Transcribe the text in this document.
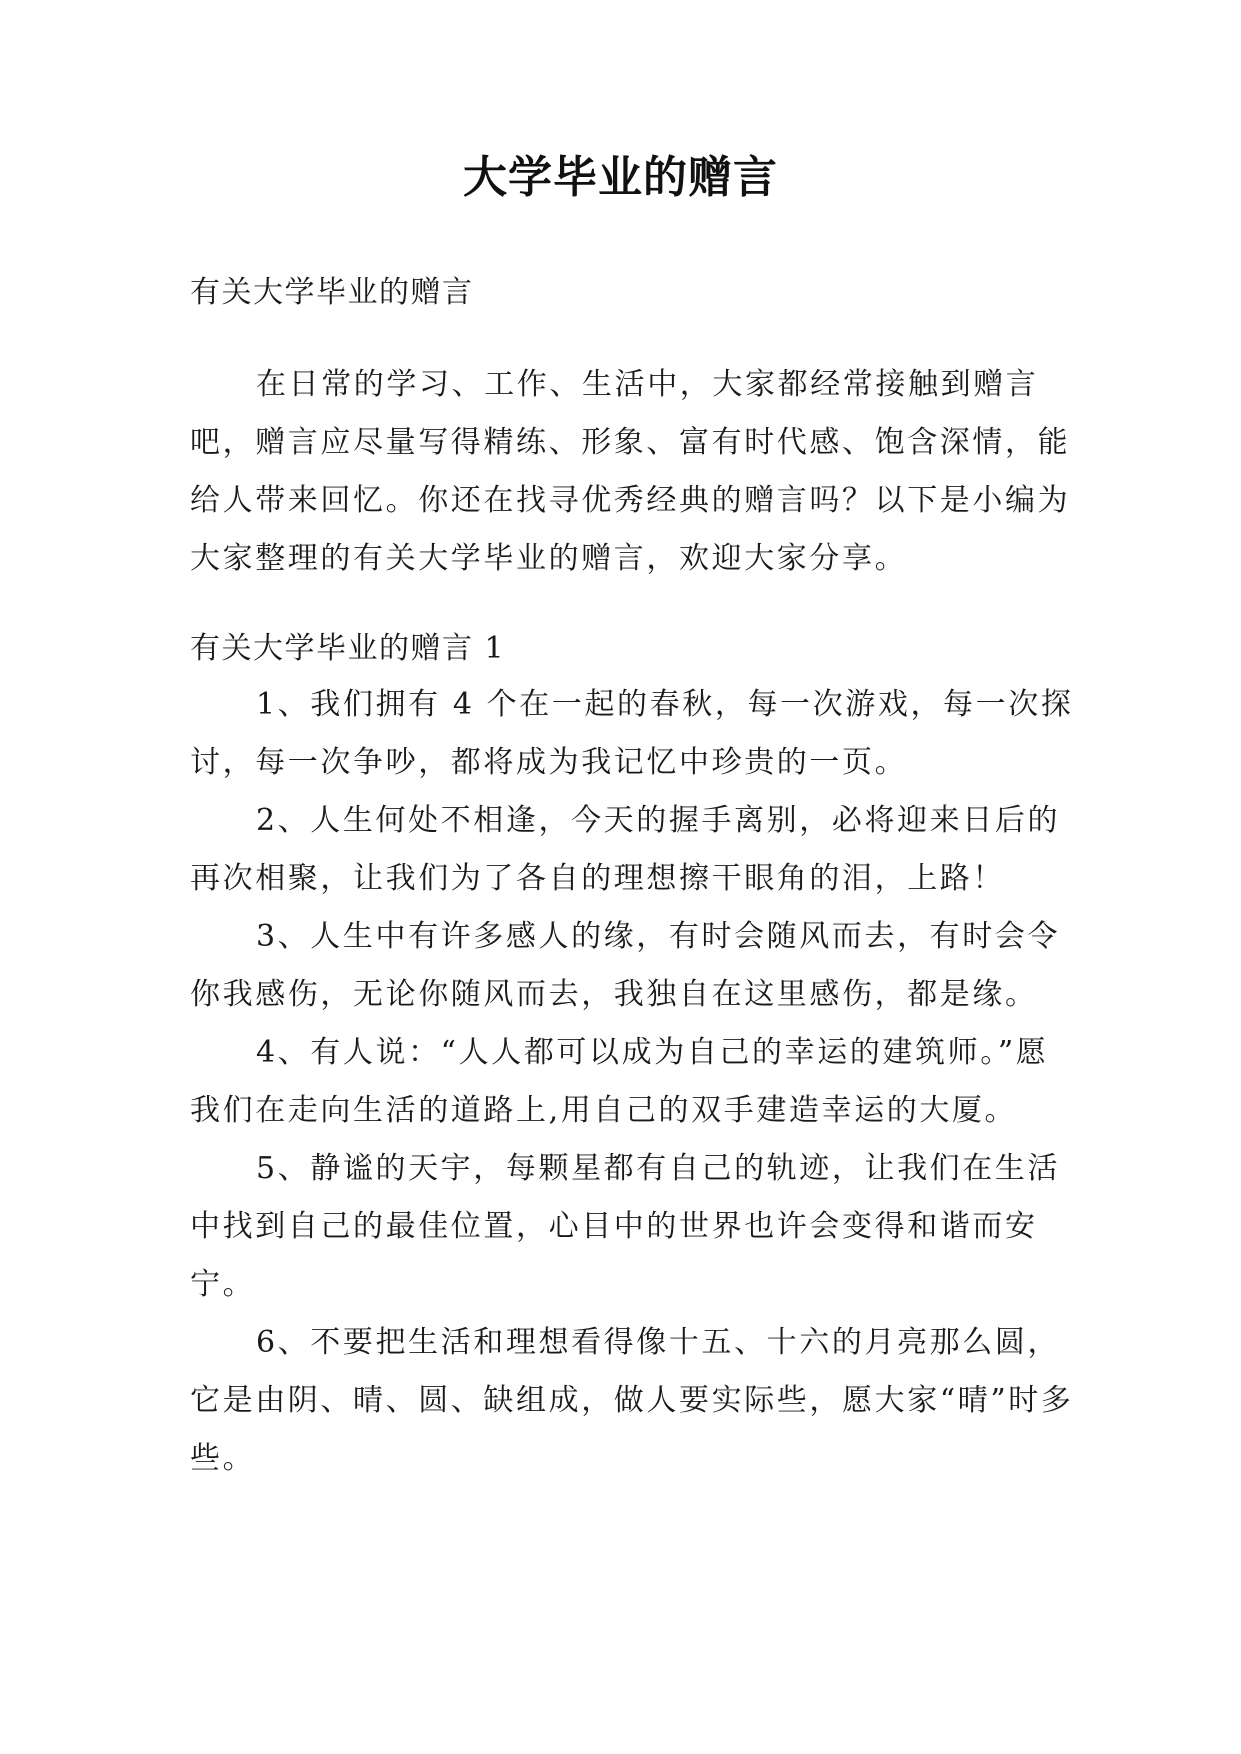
大学毕业的赠言
有关大学毕业的赠言

在日常的学习、工作、生活中，大家都经常接触到赠言吧，赠言应尽量写得精练、形象、富有时代感、饱含深情，能给人带来回忆。你还在找寻优秀经典的赠言吗？以下是小编为大家整理的有关大学毕业的赠言，欢迎大家分享。

有关大学毕业的赠言 1

1、我们拥有 4 个在一起的春秋，每一次游戏，每一次探讨，每一次争吵，都将成为我记忆中珍贵的一页。

2、人生何处不相逢，今天的握手离别，必将迎来日后的再次相聚，让我们为了各自的理想擦干眼角的泪，上路！

3、人生中有许多感人的缘，有时会随风而去，有时会令你我感伤，无论你随风而去，我独自在这里感伤，都是缘。

4、有人说：“人人都可以成为自己的幸运的建筑师。”愿我们在走向生活的道路上,用自己的双手建造幸运的大厦。

5、静谧的天宇，每颗星都有自己的轨迹，让我们在生活中找到自己的最佳位置，心目中的世界也许会变得和谐而安宁。

6、不要把生活和理想看得像十五、十六的月亮那么圆，它是由阴、晴、圆、缺组成，做人要实际些，愿大家“晴”时多些。
